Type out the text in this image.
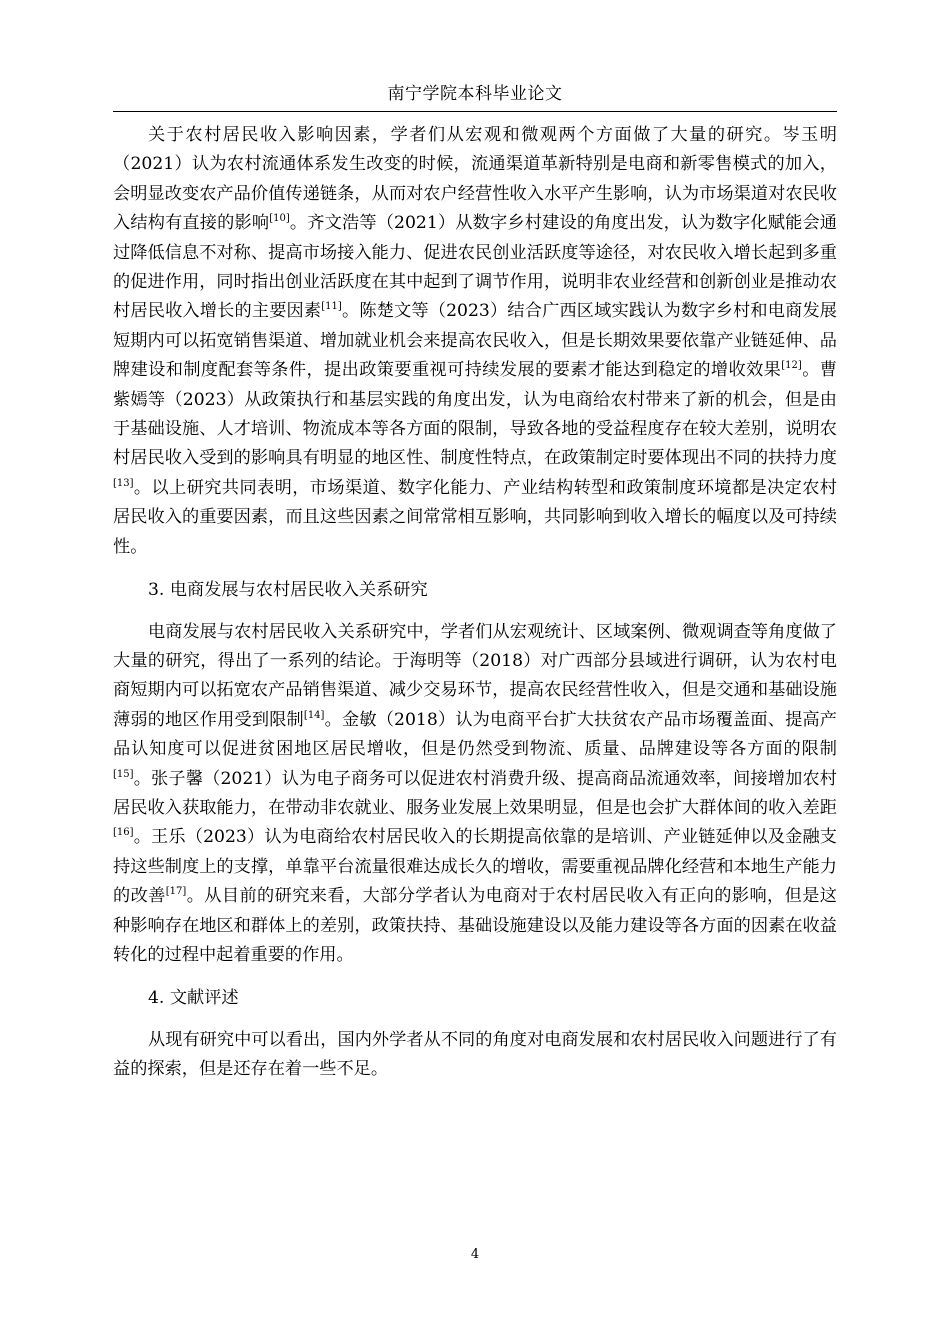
南宁学院本科毕业论文

关于农村居民收入影响因素，学者们从宏观和微观两个方面做了大量的研究。岑玉明（2021）认为农村流通体系发生改变的时候，流通渠道革新特别是电商和新零售模式的加入，会明显改变农产品价值传递链条，从而对农户经营性收入水平产生影响，认为市场渠道对农民收入结构有直接的影响[10]。齐文浩等（2021）从数字乡村建设的角度出发，认为数字化赋能会通过降低信息不对称、提高市场接入能力、促进农民创业活跃度等途径，对农民收入增长起到多重的促进作用，同时指出创业活跃度在其中起到了调节作用，说明非农业经营和创新创业是推动农村居民收入增长的主要因素[11]。陈楚文等（2023）结合广西区域实践认为数字乡村和电商发展短期内可以拓宽销售渠道、增加就业机会来提高农民收入，但是长期效果要依靠产业链延伸、品牌建设和制度配套等条件，提出政策要重视可持续发展的要素才能达到稳定的增收效果[12]。曹紫嫣等（2023）从政策执行和基层实践的角度出发，认为电商给农村带来了新的机会，但是由于基础设施、人才培训、物流成本等各方面的限制，导致各地的受益程度存在较大差别，说明农村居民收入受到的影响具有明显的地区性、制度性特点，在政策制定时要体现出不同的扶持力度[13]。以上研究共同表明，市场渠道、数字化能力、产业结构转型和政策制度环境都是决定农村居民收入的重要因素，而且这些因素之间常常相互影响，共同影响到收入增长的幅度以及可持续性。

3. 电商发展与农村居民收入关系研究

电商发展与农村居民收入关系研究中，学者们从宏观统计、区域案例、微观调查等角度做了大量的研究，得出了一系列的结论。于海明等（2018）对广西部分县域进行调研，认为农村电商短期内可以拓宽农产品销售渠道、减少交易环节，提高农民经营性收入，但是交通和基础设施薄弱的地区作用受到限制[14]。金敏（2018）认为电商平台扩大扶贫农产品市场覆盖面、提高产品认知度可以促进贫困地区居民增收，但是仍然受到物流、质量、品牌建设等各方面的限制[15]。张子馨（2021）认为电子商务可以促进农村消费升级、提高商品流通效率，间接增加农村居民收入获取能力，在带动非农就业、服务业发展上效果明显，但是也会扩大群体间的收入差距[16]。王乐（2023）认为电商给农村居民收入的长期提高依靠的是培训、产业链延伸以及金融支持这些制度上的支撑，单靠平台流量很难达成长久的增收，需要重视品牌化经营和本地生产能力的改善[17]。从目前的研究来看，大部分学者认为电商对于农村居民收入有正向的影响，但是这种影响存在地区和群体上的差别，政策扶持、基础设施建设以及能力建设等各方面的因素在收益转化的过程中起着重要的作用。

4. 文献评述

从现有研究中可以看出，国内外学者从不同的角度对电商发展和农村居民收入问题进行了有益的探索，但是还存在着一些不足。

4
